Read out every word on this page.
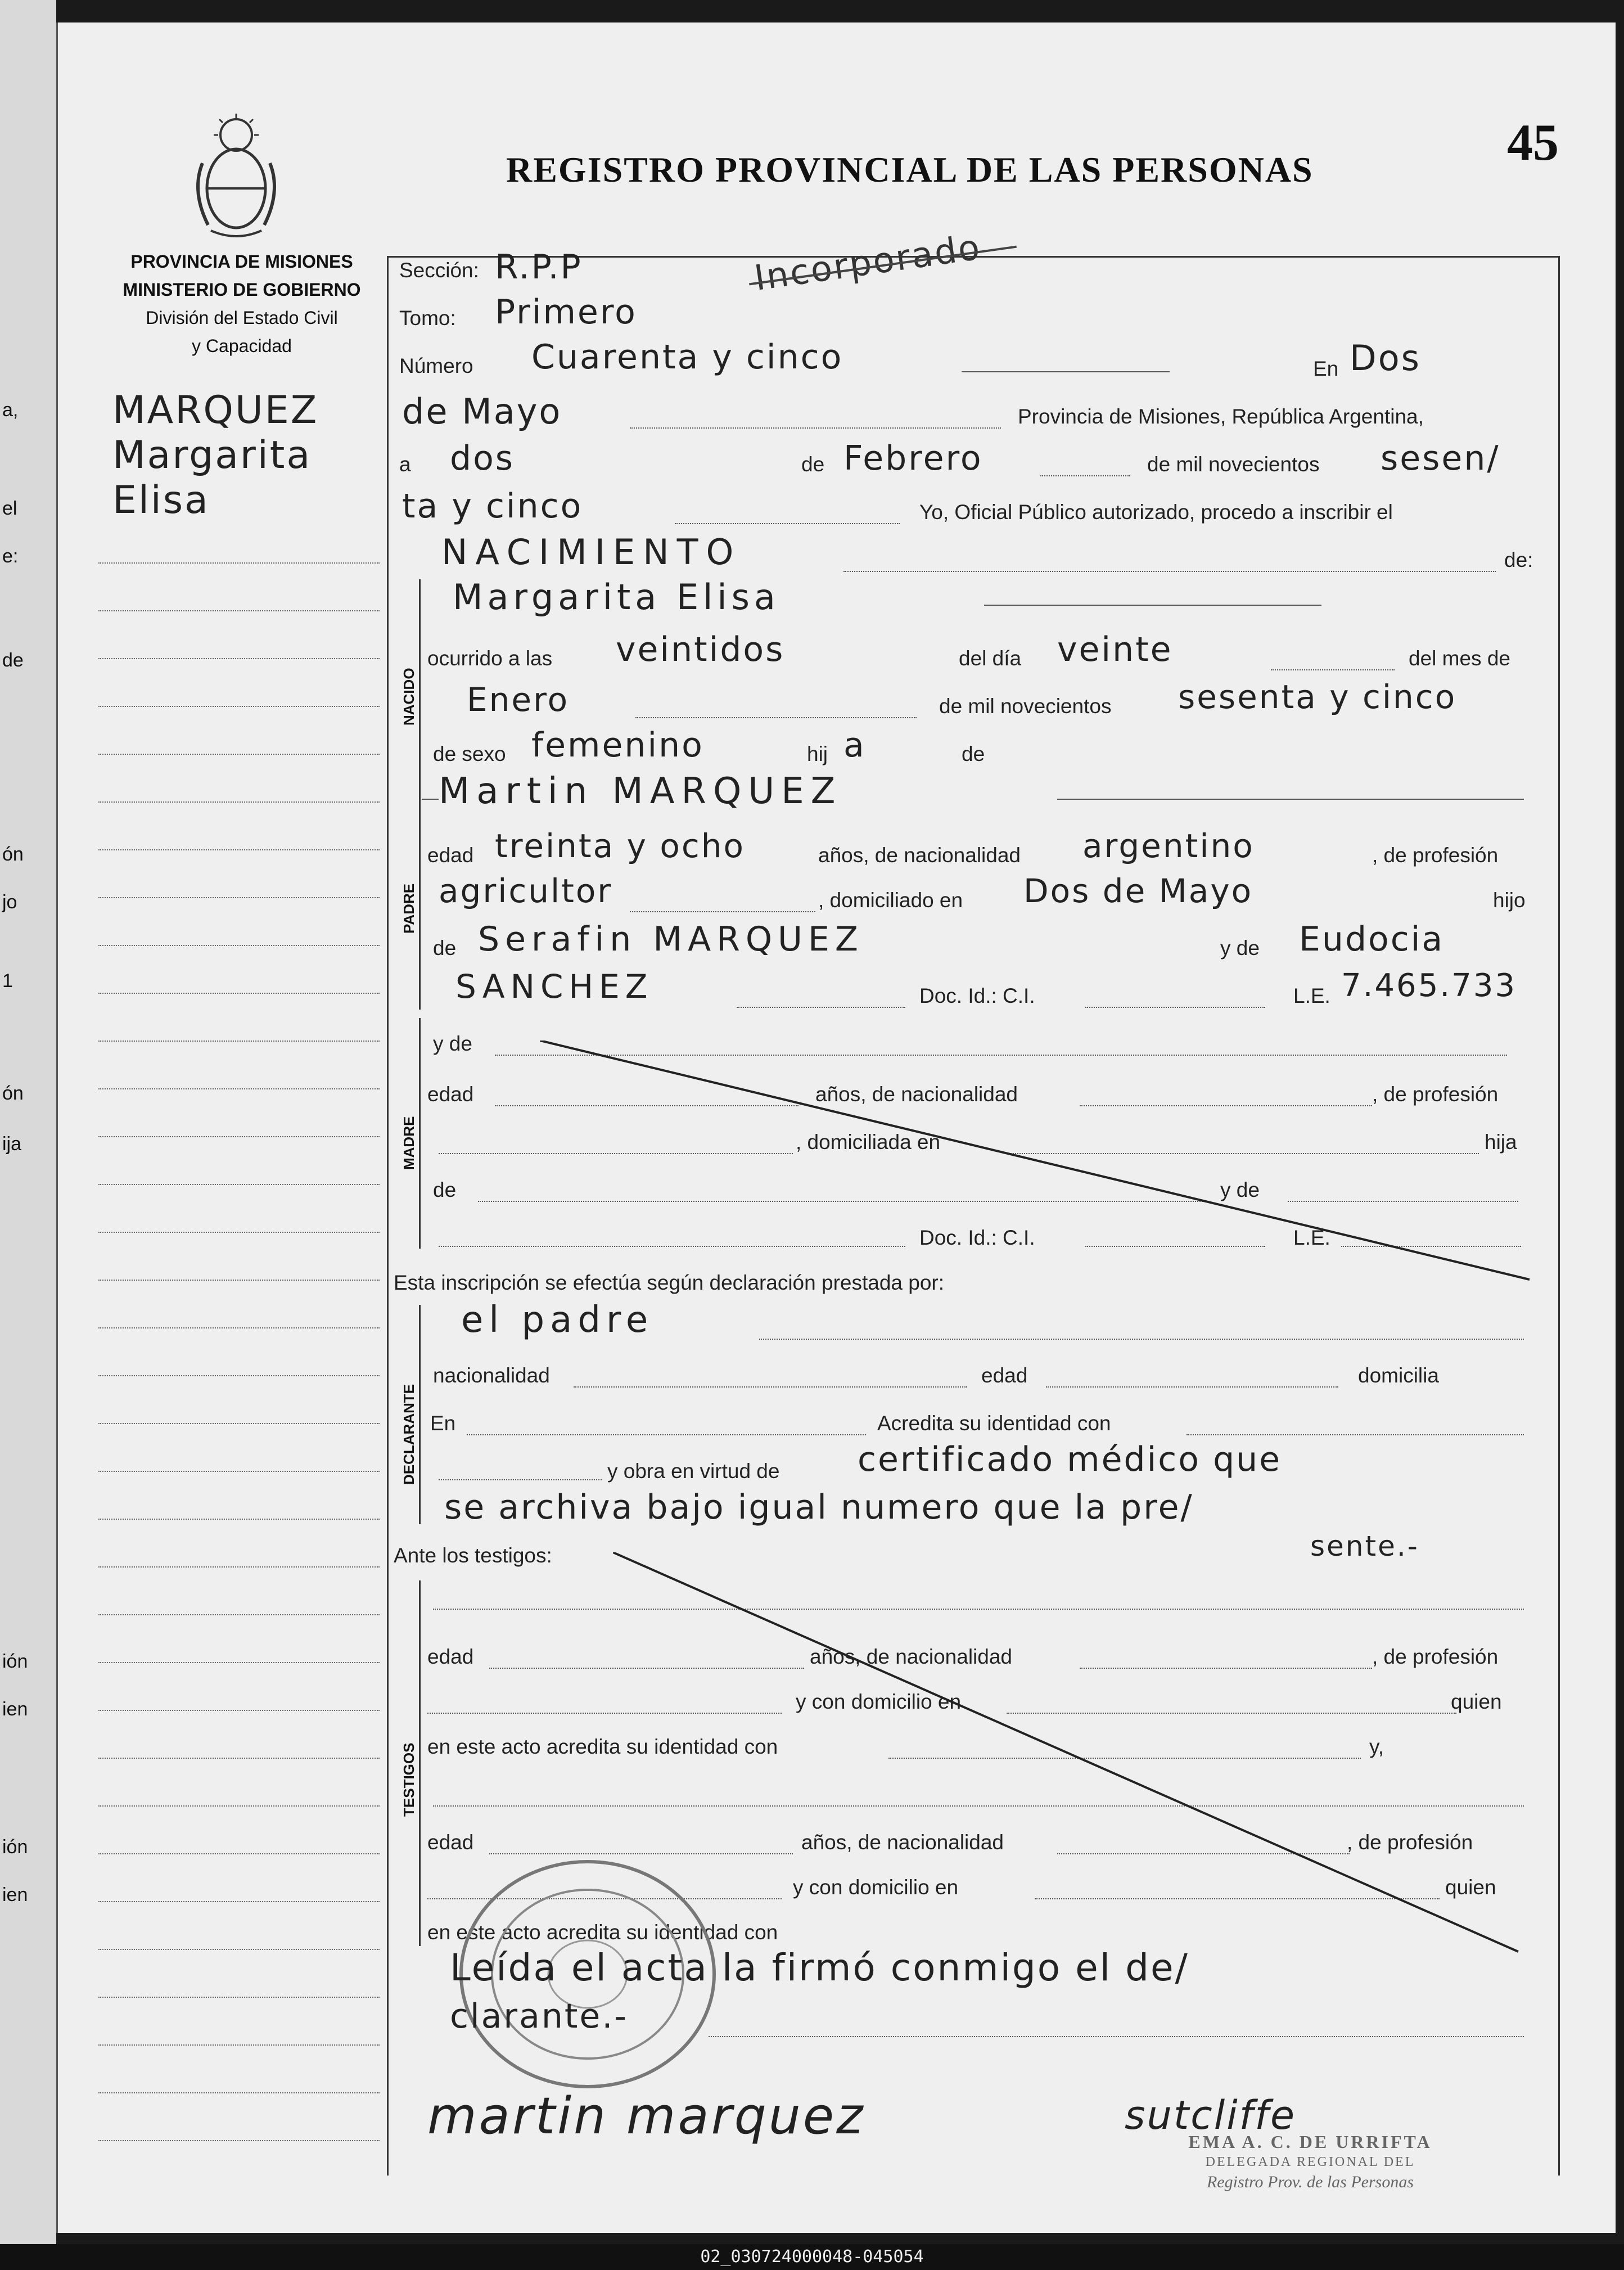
a,
el
e:
de
ón
jo
1
ón
ija
ión
ien
ión
ien
REGISTRO PROVINCIAL DE LAS PERSONAS	45
PROVINCIA DE MISIONES
MINISTERIO DE GOBIERNO
División del Estado Civil
y Capacidad
MARQUEZ
Margarita
Elisa
Sección: R.P.P
Tomo: Primero
Incorporado
Número Cuarenta y cinco	En Dos
de Mayo	Provincia de Misiones, República Argentina,
a dos	de Febrero	de mil novecientos sesen/
ta y cinco	Yo, Oficial Público autorizado, procedo a inscribir el
NACIMIENTO	de:
NACIDO
Margarita Elisa
ocurrido a las veintidos	del día veinte	del mes de
Enero	de mil novecientos sesenta y cinco
de sexo femenino	hij a	de
PADRE
Martin MARQUEZ
edad treinta y ocho	años, de nacionalidad argentino	, de profesión
agricultor	, domiciliado en Dos de Mayo	hijo
de Serafin MARQUEZ	y de Eudocia
SANCHEZ	Doc. Id.: C.I.	L.E. 7.465.733
MADRE
y de
edad	años, de nacionalidad	, de profesión
, domiciliada en	hija
de	y de
Doc. Id.: C.I.	L.E.
Esta inscripción se efectúa según declaración prestada por:
DECLARANTE
el padre
nacionalidad	edad	domicilia
En	Acredita su identidad con
y obra en virtud de certificado médico que
se archiva bajo igual numero que la pre/
sente.-
Ante los testigos:
TESTIGOS
edad	años, de nacionalidad	, de profesión
y con domicilio en	quien
en este acto acredita su identidad con	y,
edad	años, de nacionalidad	, de profesión
y con domicilio en	quien
en este acto acredita su identidad con
Leída el acta la firmó conmigo el de/
clarante.-
martin marquez	sutcliffe
EMA A. C. DE URRIFTA
DELEGADA REGIONAL DEL
Registro Prov. de las Personas
02_030724000048-045054
